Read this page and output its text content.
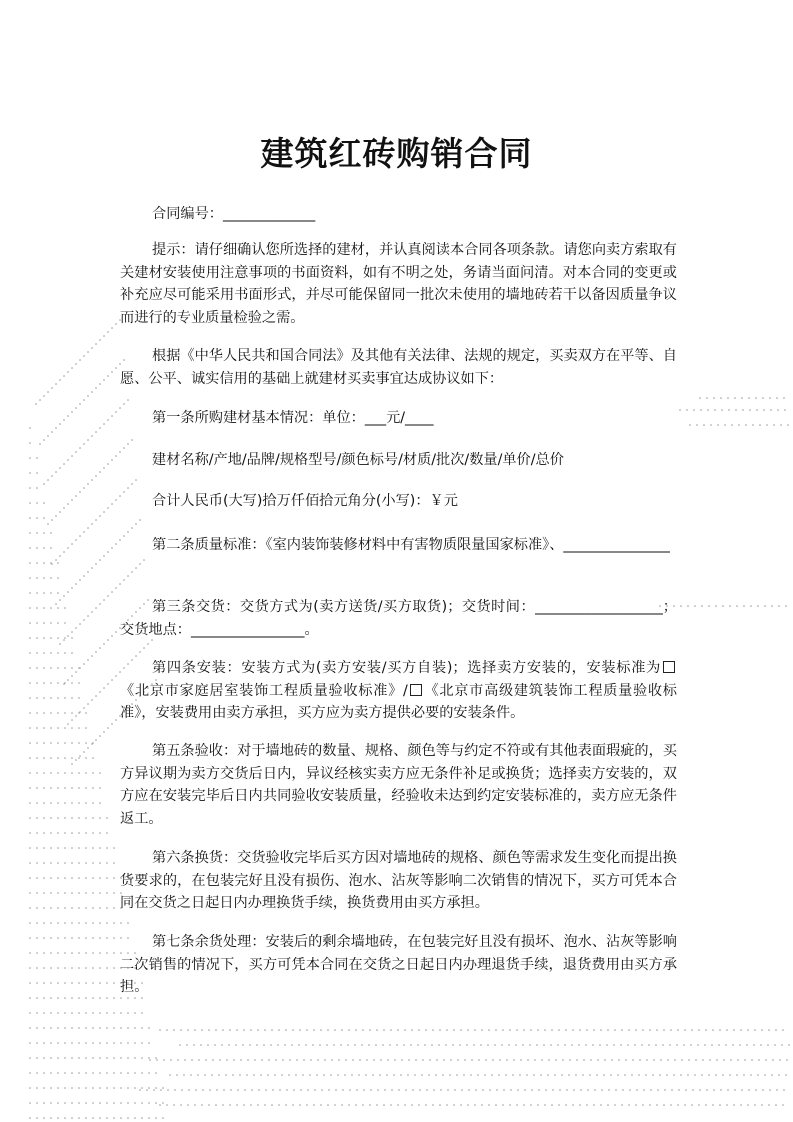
建筑红砖购销合同

合同编号：_____________

提示：请仔细确认您所选择的建材，并认真阅读本合同各项条款。请您向卖方索取有关建材安装使用注意事项的书面资料，如有不明之处，务请当面问清。对本合同的变更或补充应尽可能采用书面形式，并尽可能保留同一批次未使用的墙地砖若干以备因质量争议而进行的专业质量检验之需。

根据《中华人民共和国合同法》及其他有关法律、法规的规定，买卖双方在平等、自愿、公平、诚实信用的基础上就建材买卖事宜达成协议如下：

第一条所购建材基本情况：单位：___元/____

建材名称/产地/品牌/规格型号/颜色标号/材质/批次/数量/单价/总价

合计人民币(大写)拾万仟佰拾元角分(小写)：￥元

第二条质量标准：《室内装饰装修材料中有害物质限量国家标准》、_______________

第三条交货：交货方式为(卖方送货/买方取货)；交货时间：__________________；交货地点：________________。

第四条安装：安装方式为(卖方安装/买方自装)；选择卖方安装的，安装标准为《北京市家庭居室装饰工程质量验收标准》/ 《北京市高级建筑装饰工程质量验收标准》，安装费用由卖方承担，买方应为卖方提供必要的安装条件。

第五条验收：对于墙地砖的数量、规格、颜色等与约定不符或有其他表面瑕疵的，买方异议期为卖方交货后日内，异议经核实卖方应无条件补足或换货；选择卖方安装的，双方应在安装完毕后日内共同验收安装质量，经验收未达到约定安装标准的，卖方应无条件返工。

第六条换货：交货验收完毕后买方因对墙地砖的规格、颜色等需求发生变化而提出换货要求的，在包装完好且没有损伤、泡水、沾灰等影响二次销售的情况下，买方可凭本合同在交货之日起日内办理换货手续，换货费用由买方承担。

第七条余货处理：安装后的剩余墙地砖，在包装完好且没有损坏、泡水、沾灰等影响二次销售的情况下，买方可凭本合同在交货之日起日内办理退货手续，退货费用由买方承担。
